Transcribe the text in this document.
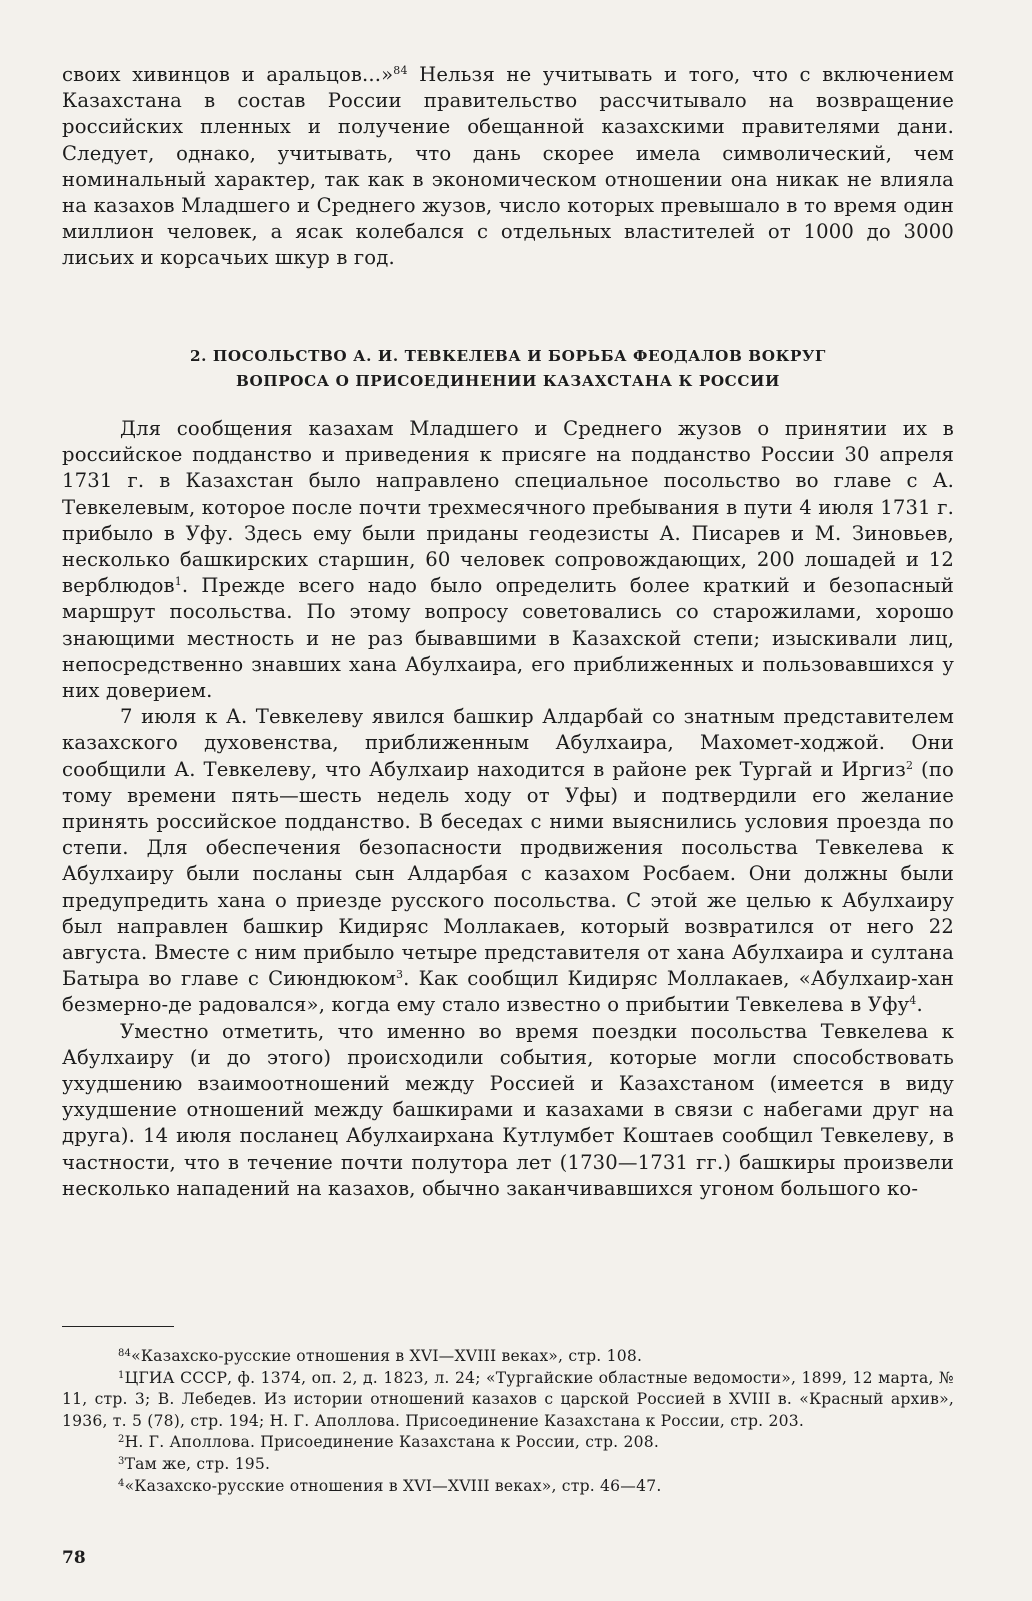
своих хивинцов и аральцов...»$^{84}$ Нельзя не учитывать и того, что с включением Казахстана в состав России правительство рассчитывало на возвращение российских пленных и получение обещанной казахскими правителями дани. Следует, однако, учитывать, что дань скорее имела символический, чем номинальный характер, так как в экономическом отношении она никак не влияла на казахов Младшего и Среднего жузов, число которых превышало в то время один миллион человек, а ясак колебался с отдельных властителей от 1000 до 3000 лисьих и корсачьих шкур в год.

2. ПОСОЛЬСТВО А. И. ТЕВКЕЛЕВА И БОРЬБА ФЕОДАЛОВ ВОКРУГ
ВОПРОСА О ПРИСОЕДИНЕНИИ КАЗАХСТАНА К РОССИИ

Для сообщения казахам Младшего и Среднего жузов о принятии их в российское подданство и приведения к присяге на подданство России 30 апреля 1731 г. в Казахстан было направлено специальное посольство во главе с А. Тевкелевым, которое после почти трехмесячного пребывания в пути 4 июля 1731 г. прибыло в Уфу. Здесь ему были приданы геодезисты А. Писарев и М. Зиновьев, несколько башкирских старшин, 60 человек сопровождающих, 200 лошадей и 12 верблюдов$^1$. Прежде всего надо было определить более краткий и безопасный маршрут посольства. По этому вопросу советовались со старожилами, хорошо знающими местность и не раз бывавшими в Казахской степи; изыскивали лиц, непосредственно знавших хана Абулхаира, его приближенных и пользовавшихся у них доверием.

7 июля к А. Тевкелеву явился башкир Алдарбай со знатным представителем казахского духовенства, приближенным Абулхаира, Махомет-ходжой. Они сообщили А. Тевкелеву, что Абулхаир находится в районе рек Тургай и Иргиз$^2$ (по тому времени пять—шесть недель ходу от Уфы) и подтвердили его желание принять российское подданство. В беседах с ними выяснились условия проезда по степи. Для обеспечения безопасности продвижения посольства Тевкелева к Абулхаиру были посланы сын Алдарбая с казахом Росбаем. Они должны были предупредить хана о приезде русского посольства. С этой же целью к Абулхаиру был направлен башкир Кидиряс Моллакаев, который возвратился от него 22 августа. Вместе с ним прибыло четыре представителя от хана Абулхаира и султана Батыра во главе с Сиюндюком$^3$. Как сообщил Кидиряс Моллакаев, «Абулхаир-хан безмерно-де радовался», когда ему стало известно о прибытии Тевкелева в Уфу$^4$.

Уместно отметить, что именно во время поездки посольства Тевкелева к Абулхаиру (и до этого) происходили события, которые могли способствовать ухудшению взаимоотношений между Россией и Казахстаном (имеется в виду ухудшение отношений между башкирами и казахами в связи с набегами друг на друга). 14 июля посланец Абулхаирхана Кутлумбет Коштаев сообщил Тевкелеву, в частности, что в течение почти полутора лет (1730—1731 гг.) башкиры произвели несколько нападений на казахов, обычно заканчивавшихся угоном большого ко-

$^{84}$«Казахско-русские отношения в XVI—XVIII веках», стр. 108.

$^1$ЦГИА СССР, ф. 1374, оп. 2, д. 1823, л. 24; «Тургайские областные ведомости», 1899, 12 марта, № 11, стр. 3; В. Лебедев. Из истории отношений казахов с царской Россией в XVIII в. «Красный архив», 1936, т. 5 (78), стр. 194; Н. Г. Аполлова. Присоединение Казахстана к России, стр. 203.

$^2$Н. Г. Аполлова. Присоединение Казахстана к России, стр. 208.

$^3$Там же, стр. 195.

$^4$«Казахско-русские отношения в XVI—XVIII веках», стр. 46—47.

78
